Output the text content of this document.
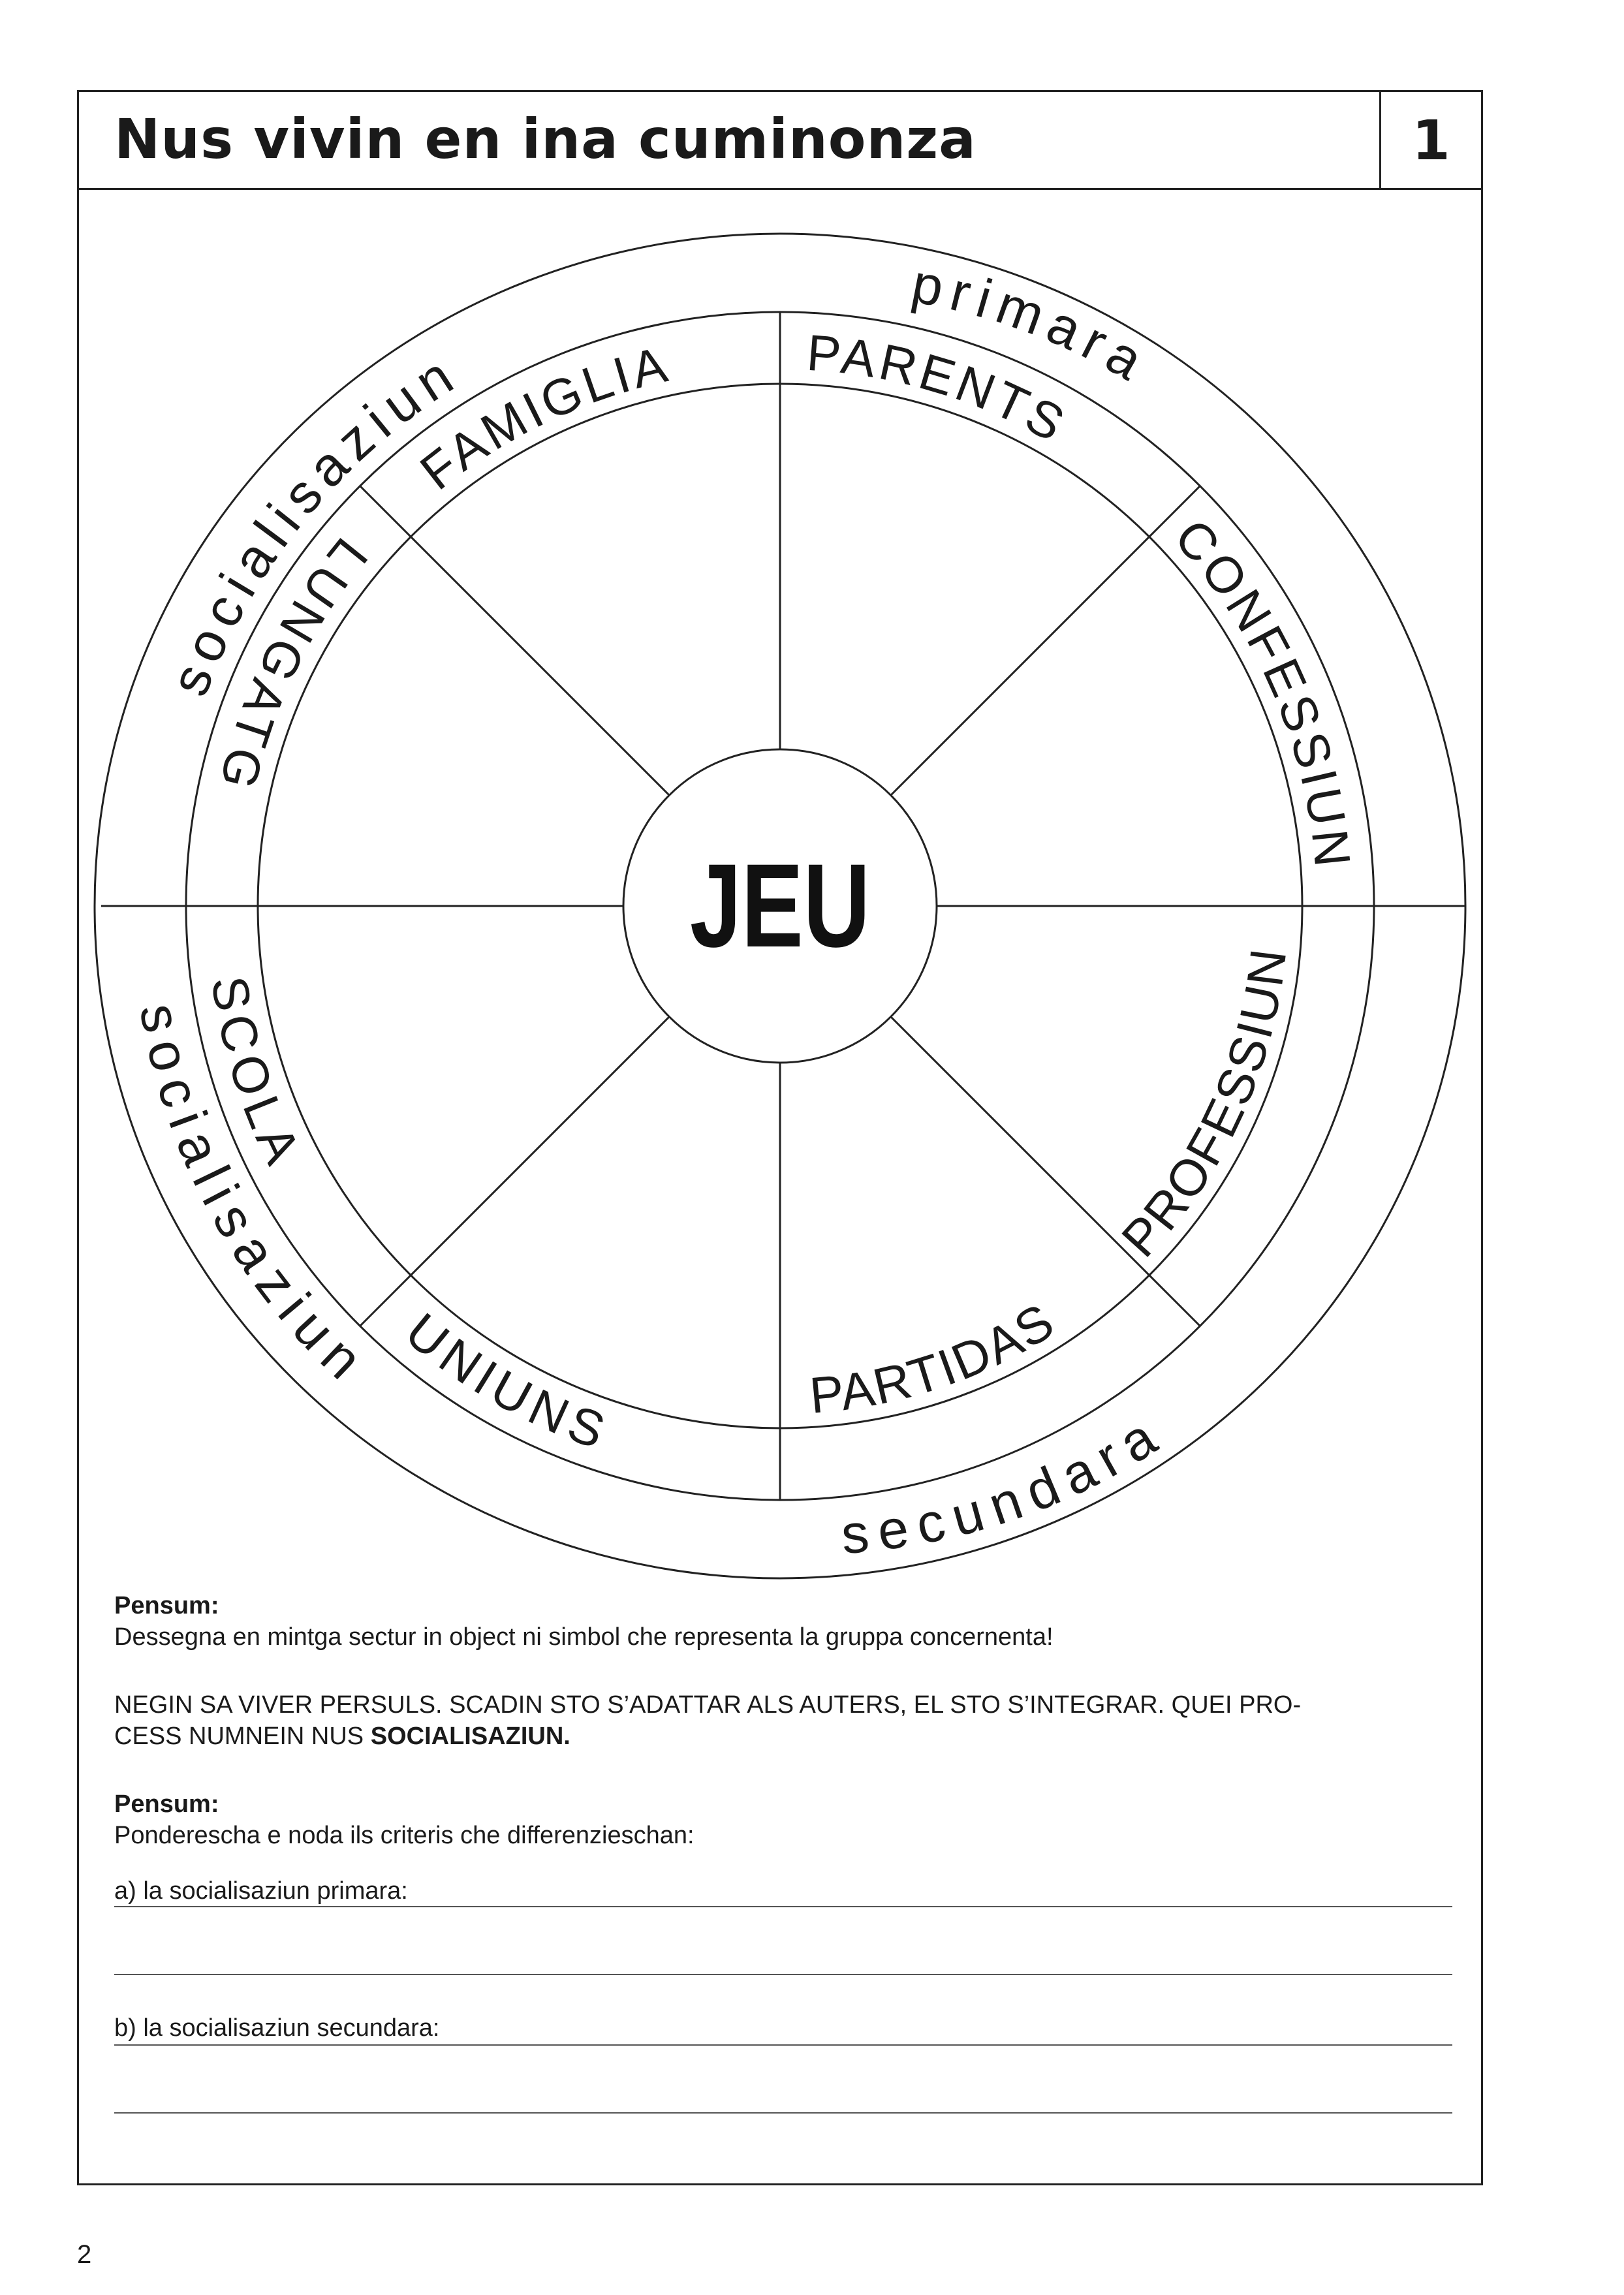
Nus vivin en ina cuminonza	1
JEU
PARENTS
CONFESSIUN
PROFESSIUN
PARTIDAS
UNIUNS
SCOLA
LUNGATG
FAMIGLIA
socialisaziun
primara
socialisaziun
secundara

Pensum:

Dessegna en mintga sectur in object ni simbol che representa la gruppa concernenta!

NEGIN SA VIVER PERSULS. SCADIN STO S’ADATTAR ALS AUTERS, EL STO S’INTEGRAR. QUEI PRO-

CESS NUMNEIN NUS SOCIALISAZIUN.

Pensum:

Ponderescha e noda ils criteris che differenzieschan:

a) la socialisaziun primara:
b) la socialisaziun secundara:
2
